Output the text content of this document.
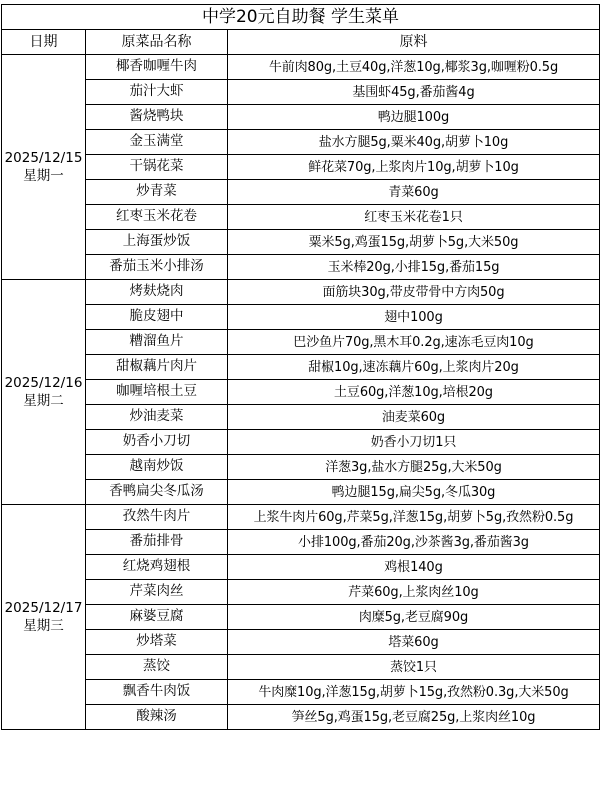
中学20元自助餐 学生菜单		
日期	原菜品名称	原料

2025/12/15
星期一	椰香咖喱牛肉	牛前肉80g,土豆40g,洋葱10g,椰浆3g,咖喱粉0.5g
	茄汁大虾	基围虾45g,番茄酱4g
	酱烧鸭块	鸭边腿100g
	金玉满堂	盐水方腿5g,粟米40g,胡萝卜10g
	干锅花菜	鲜花菜70g,上浆肉片10g,胡萝卜10g
	炒青菜	青菜60g
	红枣玉米花卷	红枣玉米花卷1只
	上海蛋炒饭	粟米5g,鸡蛋15g,胡萝卜5g,大米50g
	番茄玉米小排汤	玉米棒20g,小排15g,番茄15g

2025/12/16
星期二	烤麸烧肉	面筋块30g,带皮带骨中方肉50g
	脆皮翅中	翅中100g
	糟溜鱼片	巴沙鱼片70g,黑木耳0.2g,速冻毛豆肉10g
	甜椒藕片肉片	甜椒10g,速冻藕片60g,上浆肉片20g
	咖喱培根土豆	土豆60g,洋葱10g,培根20g
	炒油麦菜	油麦菜60g
	奶香小刀切	奶香小刀切1只
	越南炒饭	洋葱3g,盐水方腿25g,大米50g
	香鸭扁尖冬瓜汤	鸭边腿15g,扁尖5g,冬瓜30g

2025/12/17
星期三	孜然牛肉片	上浆牛肉片60g,芹菜5g,洋葱15g,胡萝卜5g,孜然粉0.5g
	番茄排骨	小排100g,番茄20g,沙茶酱3g,番茄酱3g
	红烧鸡翅根	鸡根140g
	芹菜肉丝	芹菜60g,上浆肉丝10g
	麻婆豆腐	肉糜5g,老豆腐90g
	炒塔菜	塔菜60g
	蒸饺	蒸饺1只
	飘香牛肉饭	牛肉糜10g,洋葱15g,胡萝卜15g,孜然粉0.3g,大米50g
	酸辣汤	笋丝5g,鸡蛋15g,老豆腐25g,上浆肉丝10g
